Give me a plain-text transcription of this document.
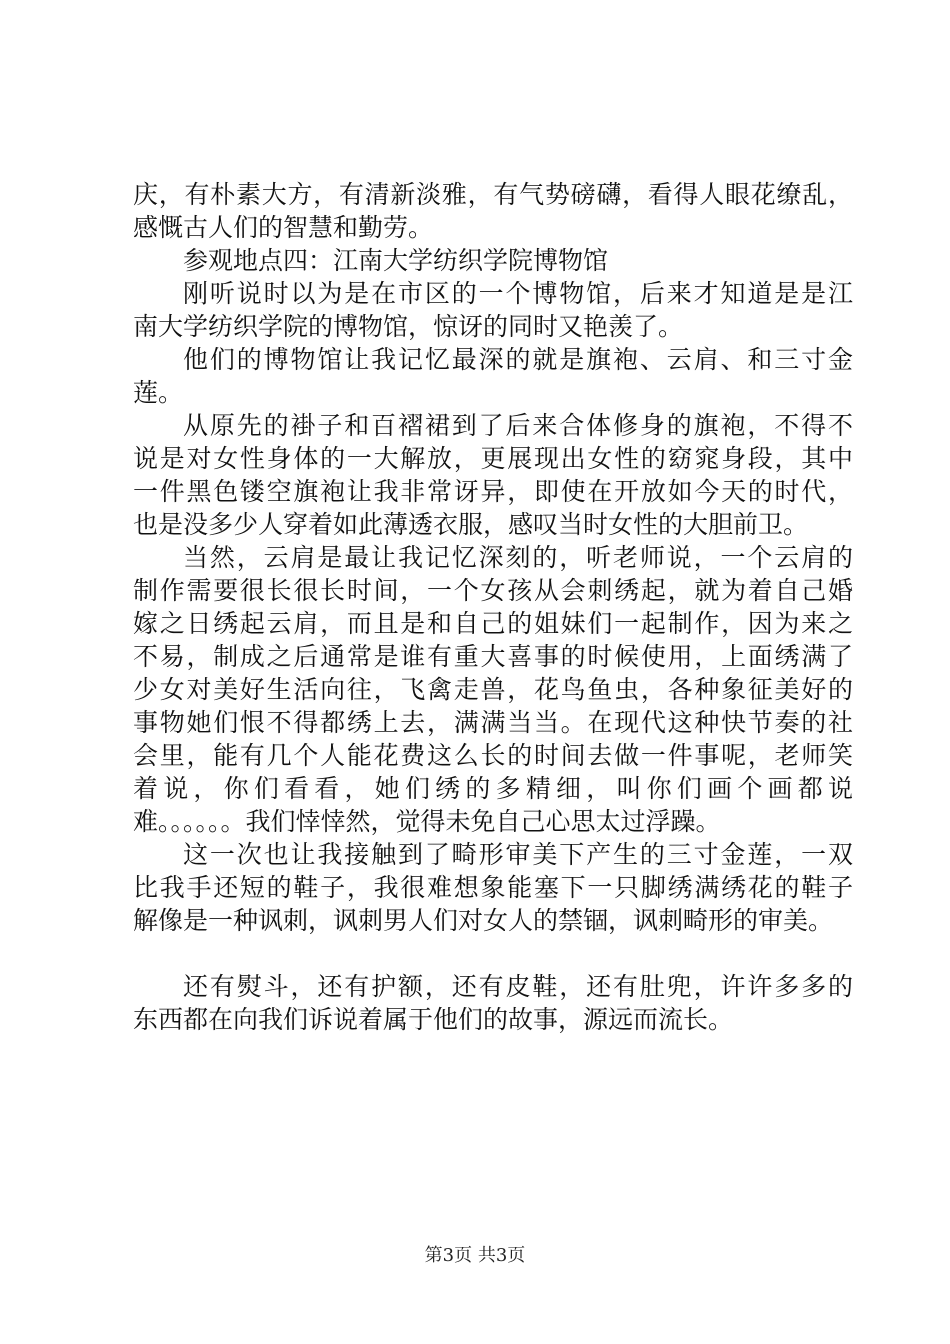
庆，有朴素大方，有清新淡雅，有气势磅礴，看得人眼花缭乱，
感慨古人们的智慧和勤劳。
参观地点四：江南大学纺织学院博物馆
刚听说时以为是在市区的一个博物馆，后来才知道是是江
南大学纺织学院的博物馆，惊讶的同时又艳羡了。
他们的博物馆让我记忆最深的就是旗袍、云肩、和三寸金
莲。
从原先的褂子和百褶裙到了后来合体修身的旗袍，不得不
说是对女性身体的一大解放，更展现出女性的窈窕身段，其中
一件黑色镂空旗袍让我非常讶异，即使在开放如今天的时代，
也是没多少人穿着如此薄透衣服，感叹当时女性的大胆前卫。
当然，云肩是最让我记忆深刻的，听老师说，一个云肩的
制作需要很长很长时间，一个女孩从会刺绣起，就为着自己婚
嫁之日绣起云肩，而且是和自己的姐妹们一起制作，因为来之
不易，制成之后通常是谁有重大喜事的时候使用，上面绣满了
少女对美好生活向往，飞禽走兽，花鸟鱼虫，各种象征美好的
事物她们恨不得都绣上去，满满当当。在现代这种快节奏的社
会里，能有几个人能花费这么长的时间去做一件事呢，老师笑
着说，你们看看，她们绣的多精细，叫你们画个画都说
难。。。。。。我们悻悻然，觉得未免自己心思太过浮躁。
这一次也让我接触到了畸形审美下产生的三寸金莲，一双
比我手还短的鞋子，我很难想象能塞下一只脚绣满绣花的鞋子
解像是一种讽刺，讽刺男人们对女人的禁锢，讽刺畸形的审美。
还有熨斗，还有护额，还有皮鞋，还有肚兜，许许多多的
东西都在向我们诉说着属于他们的故事，源远而流长。
第3页 共3页
